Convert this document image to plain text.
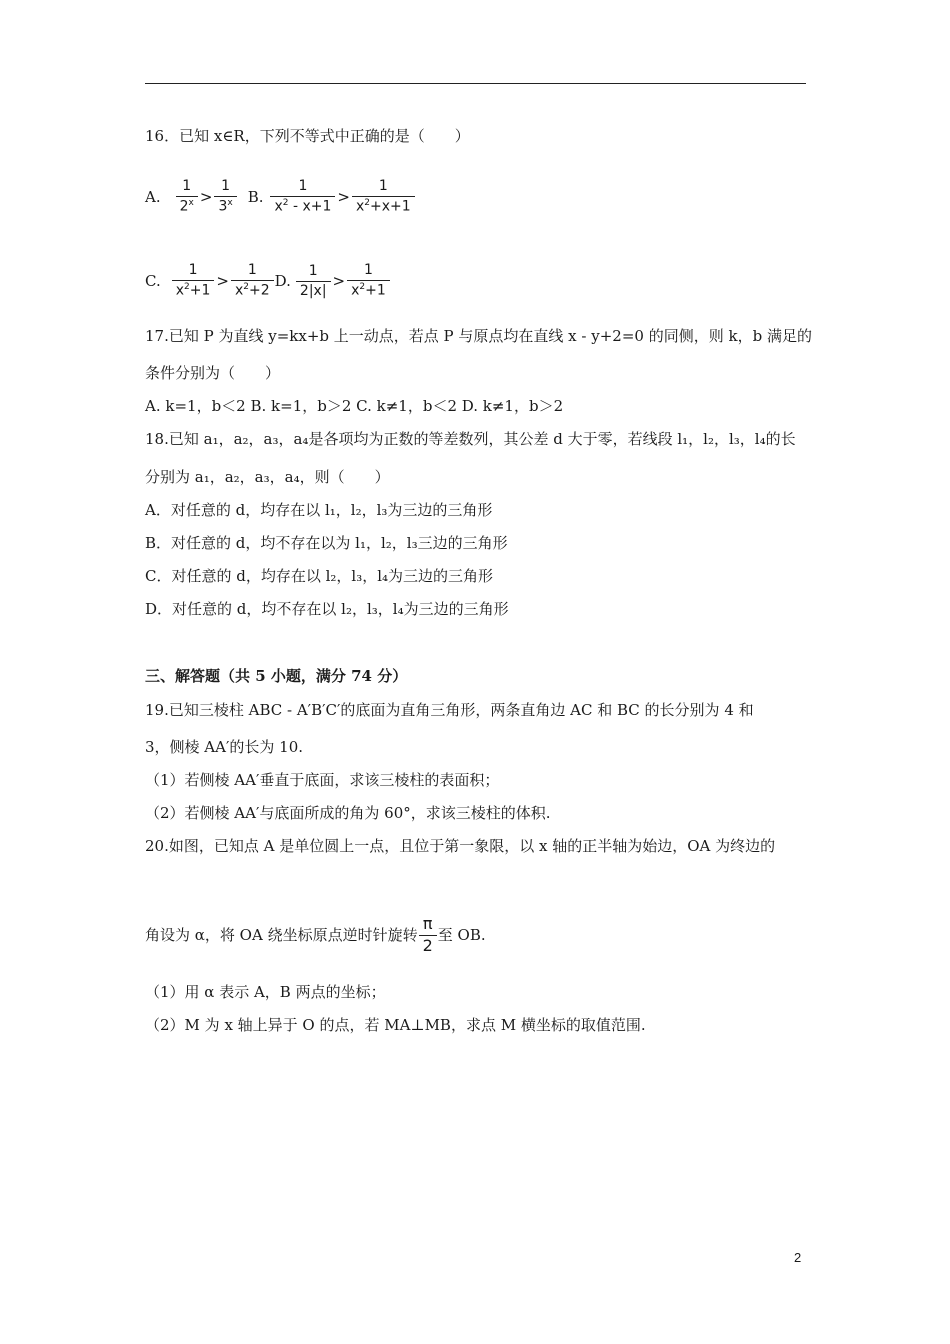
16．已知 x∈R，下列不等式中正确的是（　　）
A. $\frac{1}{2^x} > \frac{1}{3^x} B$. $\frac{1}{x^2 - x+1} > \frac{1}{x^2+x+1}$
C. $\frac{1}{x^2+1} > \frac{1}{x^2+2} D$. $\frac{1}{2|x|} > \frac{1}{x^2+1}$
17.已知 P 为直线 y=kx+b 上一动点，若点 P 与原点均在直线 x - y+2=0 的同侧，则 k，b 满足的
条件分别为（　　）
A. k=1，b＜2 B. k=1，b＞2 C. k≠1，b＜2 D. k≠1，b＞2
18.已知 a₁，a₂，a₃，a₄是各项均为正数的等差数列，其公差 d 大于零，若线段 l₁，l₂，l₃，l₄的长
分别为 a₁，a₂，a₃，a₄，则（　　）
A．对任意的 d，均存在以 l₁，l₂，l₃为三边的三角形
B．对任意的 d，均不存在以为 l₁，l₂，l₃三边的三角形
C．对任意的 d，均存在以 l₂，l₃，l₄为三边的三角形
D．对任意的 d，均不存在以 l₂，l₃，l₄为三边的三角形
三、解答题（共 5 小题，满分 74 分）
19.已知三棱柱 ABC - A′B′C′的底面为直角三角形，两条直角边 AC 和 BC 的长分别为 4 和
3，侧棱 AA′的长为 10.
（1）若侧棱 AA′垂直于底面，求该三棱柱的表面积；
（2）若侧棱 AA′与底面所成的角为 60°，求该三棱柱的体积.
20.如图，已知点 A 是单位圆上一点，且位于第一象限，以 x 轴的正半轴为始边，OA 为终边的
角设为 α，将 OA 绕坐标原点逆时针旋转 $\frac{\pi}{2}$ 至 OB.
（1）用 α 表示 A，B 两点的坐标；
（2）M 为 x 轴上异于 O 的点，若 MA⊥MB，求点 M 横坐标的取值范围.
2
